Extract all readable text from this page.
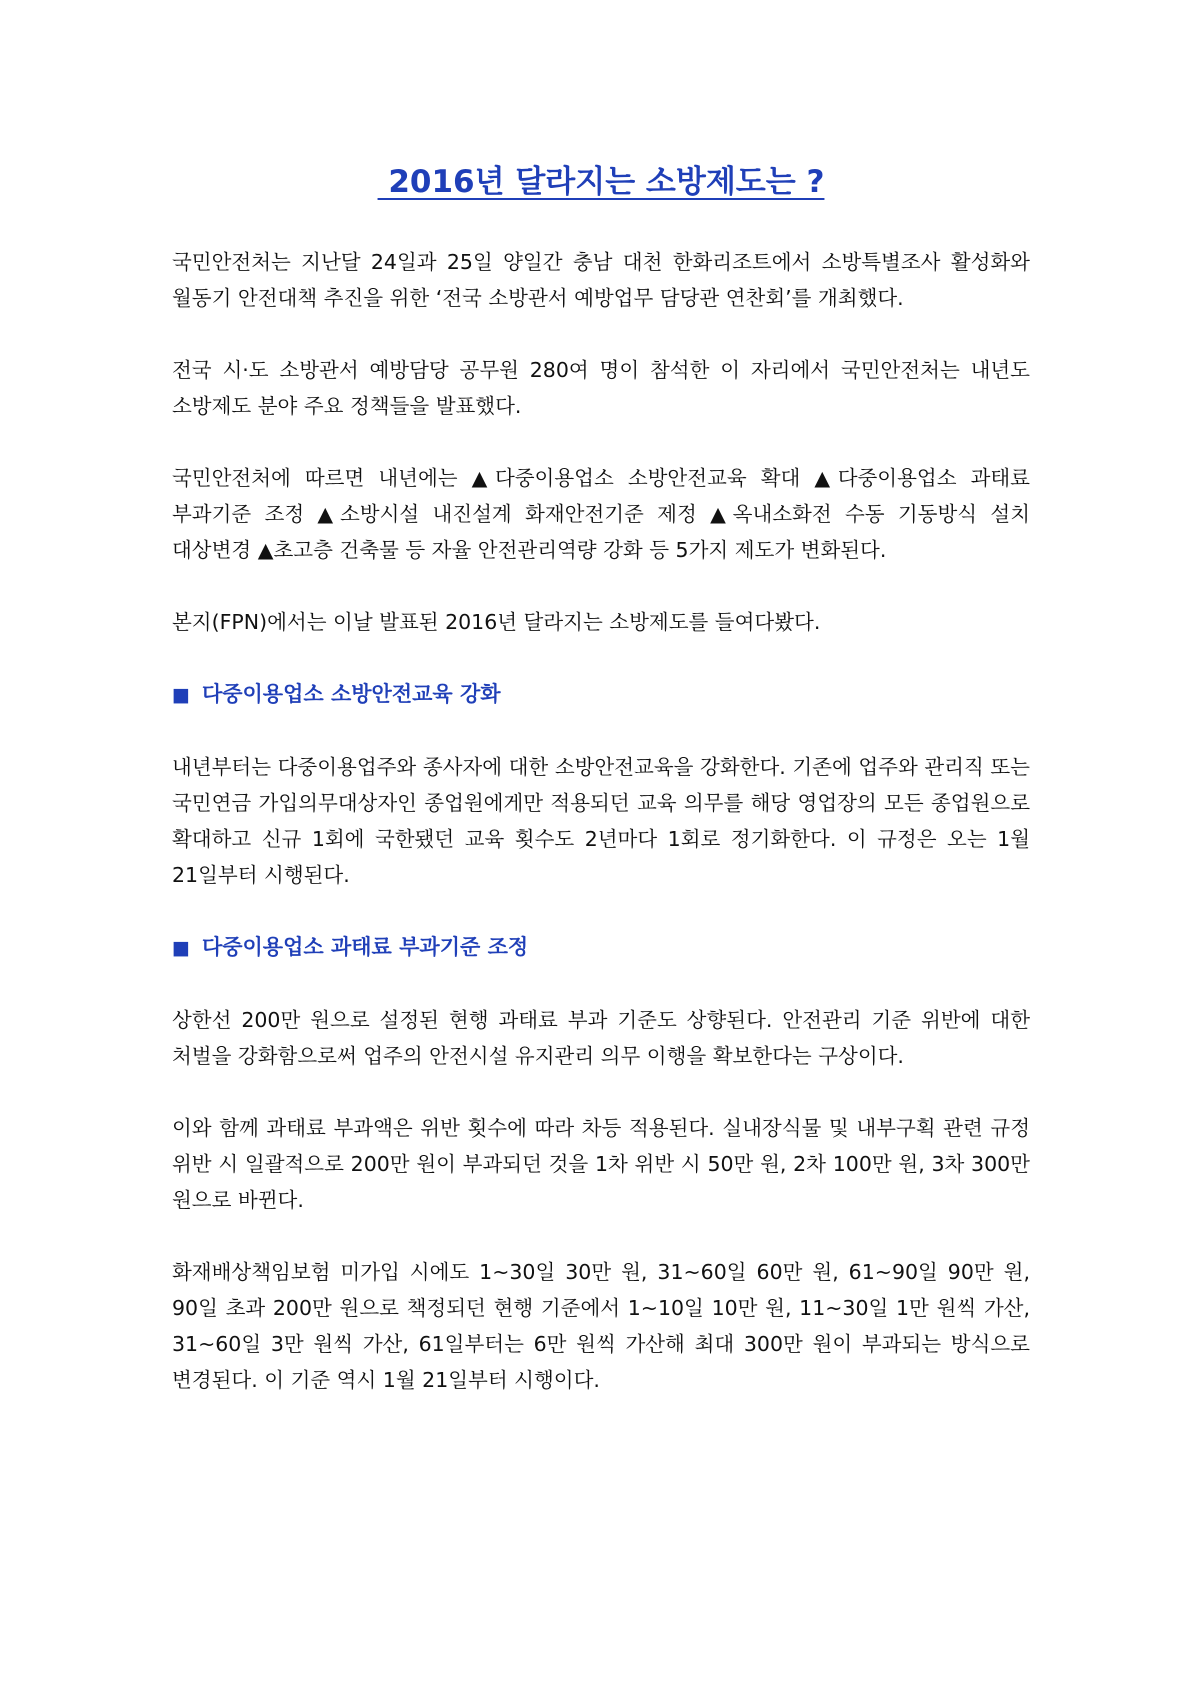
2016년 달라지는 소방제도는 ?

국민안전처는 지난달 24일과 25일 양일간 충남 대천 한화리조트에서 소방특별조사 활성화와 월동기 안전대책 추진을 위한 ‘전국 소방관서 예방업무 담당관 연찬회’를 개최했다.

전국 시·도 소방관서 예방담당 공무원 280여 명이 참석한 이 자리에서 국민안전처는 내년도 소방제도 분야 주요 정책들을 발표했다.

국민안전처에 따르면 내년에는 ▲다중이용업소 소방안전교육 확대 ▲다중이용업소 과태료 부과기준 조정 ▲소방시설 내진설계 화재안전기준 제정 ▲옥내소화전 수동 기동방식 설치 대상변경 ▲초고층 건축물 등 자율 안전관리역량 강화 등 5가지 제도가 변화된다.

본지(FPN)에서는 이날 발표된 2016년 달라지는 소방제도를 들여다봤다.

■ 다중이용업소 소방안전교육 강화

내년부터는 다중이용업주와 종사자에 대한 소방안전교육을 강화한다. 기존에 업주와 관리직 또는 국민연금 가입의무대상자인 종업원에게만 적용되던 교육 의무를 해당 영업장의 모든 종업원으로 확대하고 신규 1회에 국한됐던 교육 횟수도 2년마다 1회로 정기화한다. 이 규정은 오는 1월 21일부터 시행된다.

■ 다중이용업소 과태료 부과기준 조정

상한선 200만 원으로 설정된 현행 과태료 부과 기준도 상향된다. 안전관리 기준 위반에 대한 처벌을 강화함으로써 업주의 안전시설 유지관리 의무 이행을 확보한다는 구상이다.

이와 함께 과태료 부과액은 위반 횟수에 따라 차등 적용된다. 실내장식물 및 내부구획 관련 규정 위반 시 일괄적으로 200만 원이 부과되던 것을 1차 위반 시 50만 원, 2차 100만 원, 3차 300만 원으로 바뀐다.

화재배상책임보험 미가입 시에도 1~30일 30만 원, 31~60일 60만 원, 61~90일 90만 원, 90일 초과 200만 원으로 책정되던 현행 기준에서 1~10일 10만 원, 11~30일 1만 원씩 가산, 31~60일 3만 원씩 가산, 61일부터는 6만 원씩 가산해 최대 300만 원이 부과되는 방식으로 변경된다. 이 기준 역시 1월 21일부터 시행이다.
